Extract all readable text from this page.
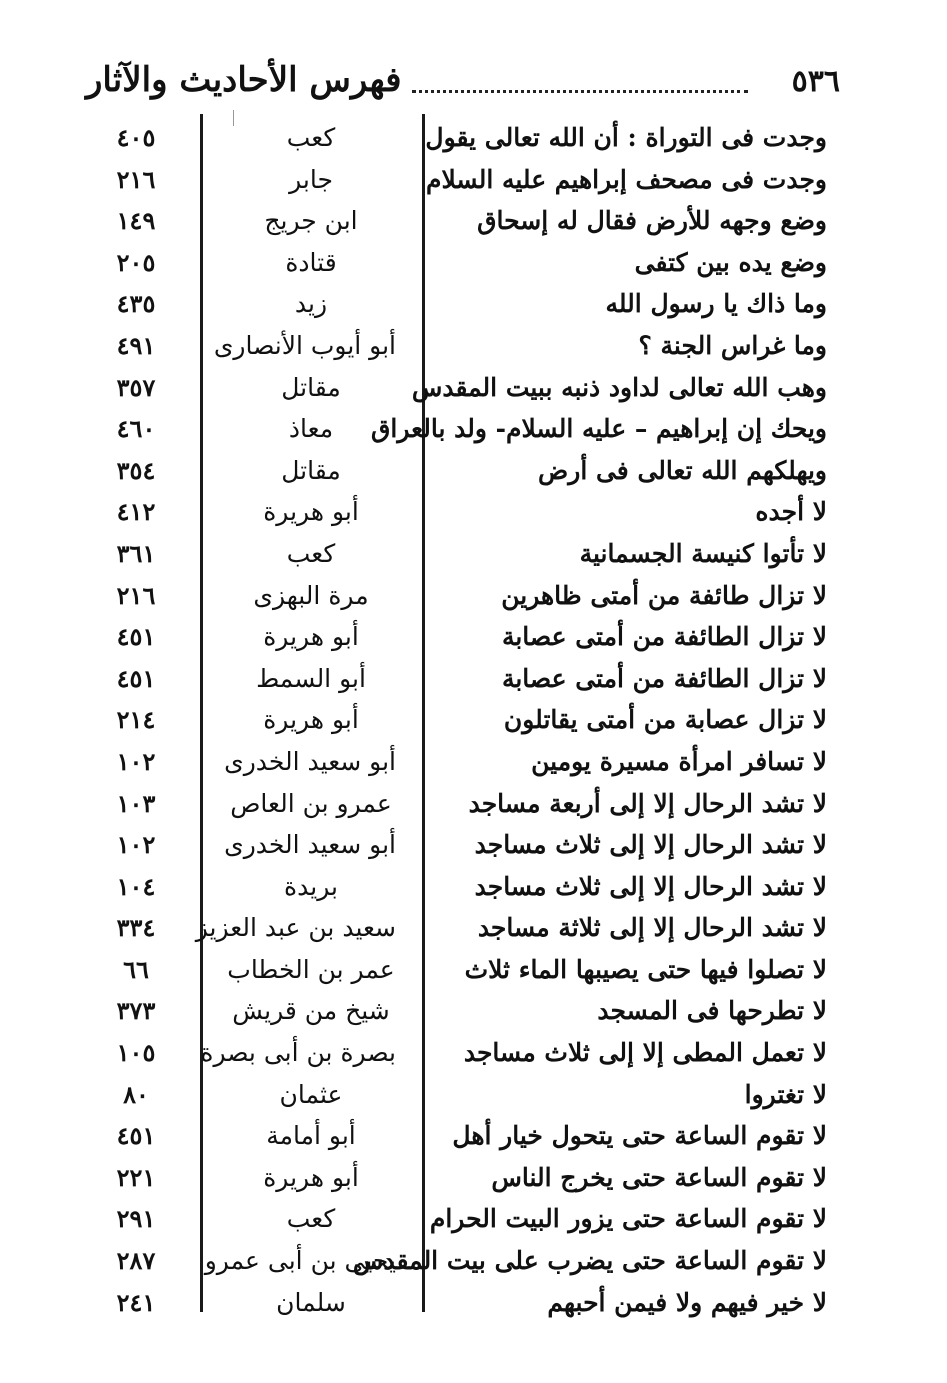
فهرس الأحاديث والآثار	٥٣٦
وجدت فى التوراة : أن الله تعالى يقول
كعب
٤٠٥
وجدت فى مصحف إبراهيم عليه السلام
جابر
٢١٦
وضع وجهه للأرض فقال له إسحاق
ابن جريج
١٤٩
وضع يده بين كتفى
قتادة
٢٠٥
وما ذاك يا رسول الله
زيد
٤٣٥
وما غراس الجنة ؟
أبو أيوب الأنصارى
٤٩١
وهب الله تعالى لداود ذنبه ببيت المقدس
مقاتل
٣٥٧
ويحك إن إبراهيم – عليه السلام- ولد بالعراق
معاذ
٤٦٠
ويهلكهم الله تعالى فى أرض
مقاتل
٣٥٤
لا أجده
أبو هريرة
٤١٢
لا تأتوا كنيسة الجسمانية
كعب
٣٦١
لا تزال طائفة من أمتى ظاهرين
مرة البهزى
٢١٦
لا تزال الطائفة من أمتى عصابة
أبو هريرة
٤٥١
لا تزال الطائفة من أمتى عصابة
أبو السمط
٤٥١
لا تزال عصابة من أمتى يقاتلون
أبو هريرة
٢١٤
لا تسافر امرأة مسيرة يومين
أبو سعيد الخدرى
١٠٢
لا تشد الرحال إلا إلى أربعة مساجد
عمرو بن العاص
١٠٣
لا تشد الرحال إلا إلى ثلاث مساجد
أبو سعيد الخدرى
١٠٢
لا تشد الرحال إلا إلى ثلاث مساجد
بريدة
١٠٤
لا تشد الرحال إلا إلى ثلاثة مساجد
سعيد بن عبد العزيز
٣٣٤
لا تصلوا فيها حتى يصيبها الماء ثلاث
عمر بن الخطاب
٦٦
لا تطرحها فى المسجد
شيخ من قريش
٣٧٣
لا تعمل المطى إلا إلى ثلاث مساجد
بصرة بن أبى بصرة
١٠٥
لا تغتروا
عثمان
٨٠
لا تقوم الساعة حتى يتحول خيار أهل
أبو أمامة
٤٥١
لا تقوم الساعة حتى يخرج الناس
أبو هريرة
٢٢١
لا تقوم الساعة حتى يزور البيت الحرام
كعب
٢٩١
لا تقوم الساعة حتى يضرب على بيت المقدس
يحيى بن أبى عمرو
٢٨٧
لا خير فيهم ولا فيمن أحبهم
سلمان
٢٤١
